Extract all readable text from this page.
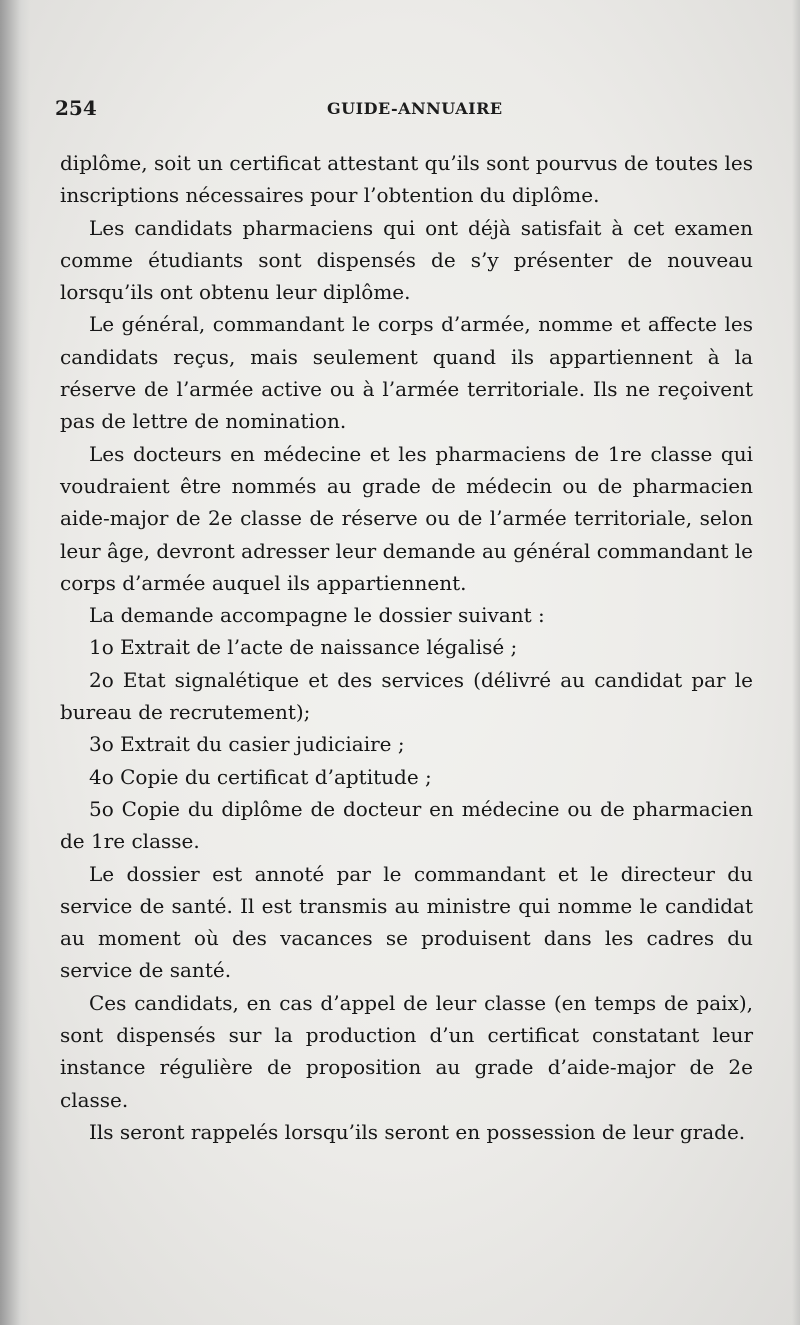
254	GUIDE-ANNUAIRE

diplôme, soit un certificat attestant qu’ils sont pourvus de toutes les inscriptions nécessaires pour l’obtention du diplôme.

Les candidats pharmaciens qui ont déjà satisfait à cet examen comme étudiants sont dispensés de s’y présenter de nouveau lorsqu’ils ont obtenu leur diplôme.

Le général, commandant le corps d’armée, nomme et affecte les candidats reçus, mais seulement quand ils appartiennent à la réserve de l’armée active ou à l’armée territoriale. Ils ne reçoivent pas de lettre de nomination.

Les docteurs en médecine et les pharmaciens de 1re classe qui voudraient être nommés au grade de médecin ou de pharmacien aide-major de 2e classe de réserve ou de l’armée territoriale, selon leur âge, devront adresser leur demande au général commandant le corps d’armée auquel ils appartiennent.

La demande accompagne le dossier suivant :

1o Extrait de l’acte de naissance légalisé ;

2o Etat signalétique et des services (délivré au candidat par le bureau de recrutement);

3o Extrait du casier judiciaire ;

4o Copie du certificat d’aptitude ;

5o Copie du diplôme de docteur en médecine ou de pharmacien de 1re classe.

Le dossier est annoté par le commandant et le directeur du service de santé. Il est transmis au ministre qui nomme le candidat au moment où des vacances se produisent dans les cadres du service de santé.

Ces candidats, en cas d’appel de leur classe (en temps de paix), sont dispensés sur la production d’un certificat constatant leur instance régulière de proposition au grade d’aide-major de 2e classe.

Ils seront rappelés lorsqu’ils seront en possession de leur grade.
